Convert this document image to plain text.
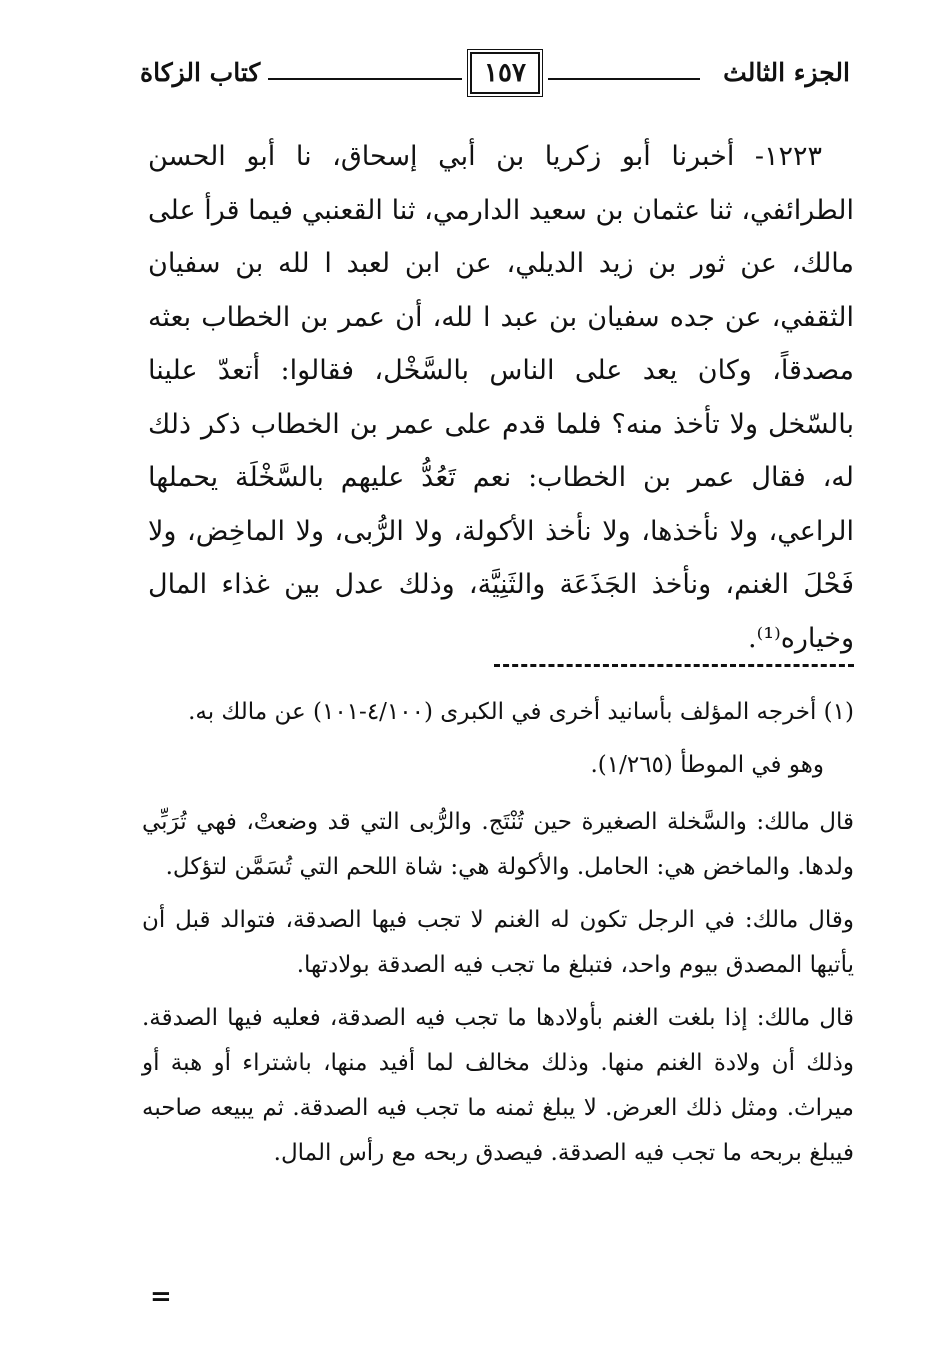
الجزء الثالث
١٥٧
كتاب الزكاة

١٢٢٣- أخبرنا أبو زكريا بن أبي إسحاق، نا أبو الحسن الطرائفي، ثنا عثمان بن سعيد الدارمي، ثنا القعنبي فيما قرأ على مالك، عن ثور بن زيد الديلي، عن ابن لعبد ا لله بن سفيان الثقفي، عن جده سفيان بن عبد ا لله، أن عمر بن الخطاب بعثه مصدقاً، وكان يعد على الناس بالسَّخْل، فقالوا: أتعدّ علينا بالسّخل ولا تأخذ منه؟ فلما قدم على عمر بن الخطاب ذكر ذلك له، فقال عمر بن الخطاب: نعم تَعُدُّ عليهم بالسَّخْلَة يحملها الراعي، ولا نأخذها، ولا نأخذ الأكولة، ولا الرُّبى، ولا الماخِض، ولا فَحْلَ الغنم، ونأخذ الجَذَعَة والثَنِيَّة، وذلك عدل بين غذاء المال وخياره⁽¹⁾.

(١) أخرجه المؤلف بأسانيد أخرى في الكبرى (٤/١٠٠-١٠١) عن مالك به.

وهو في الموطأ (١/٢٦٥).

قال مالك: والسَّخلة الصغيرة حين تُنْتَج. والرُّبى التي قد وضعتْ، فهي تُرَبِّي ولدها. والماخض هي: الحامل. والأكولة هي: شاة اللحم التي تُسَمَّن لتؤكل.

وقال مالك: في الرجل تكون له الغنم لا تجب فيها الصدقة، فتوالد قبل أن يأتيها المصدق بيوم واحد، فتبلغ ما تجب فيه الصدقة بولادتها.

قال مالك: إذا بلغت الغنم بأولادها ما تجب فيه الصدقة، فعليه فيها الصدقة. وذلك أن ولادة الغنم منها. وذلك مخالف لما أفيد منها، باشتراء أو هبة أو ميراث. ومثل ذلك العرض. لا يبلغ ثمنه ما تجب فيه الصدقة. ثم يبيعه صاحبه فيبلغ بربحه ما تجب فيه الصدقة. فيصدق ربحه مع رأس المال.

=
